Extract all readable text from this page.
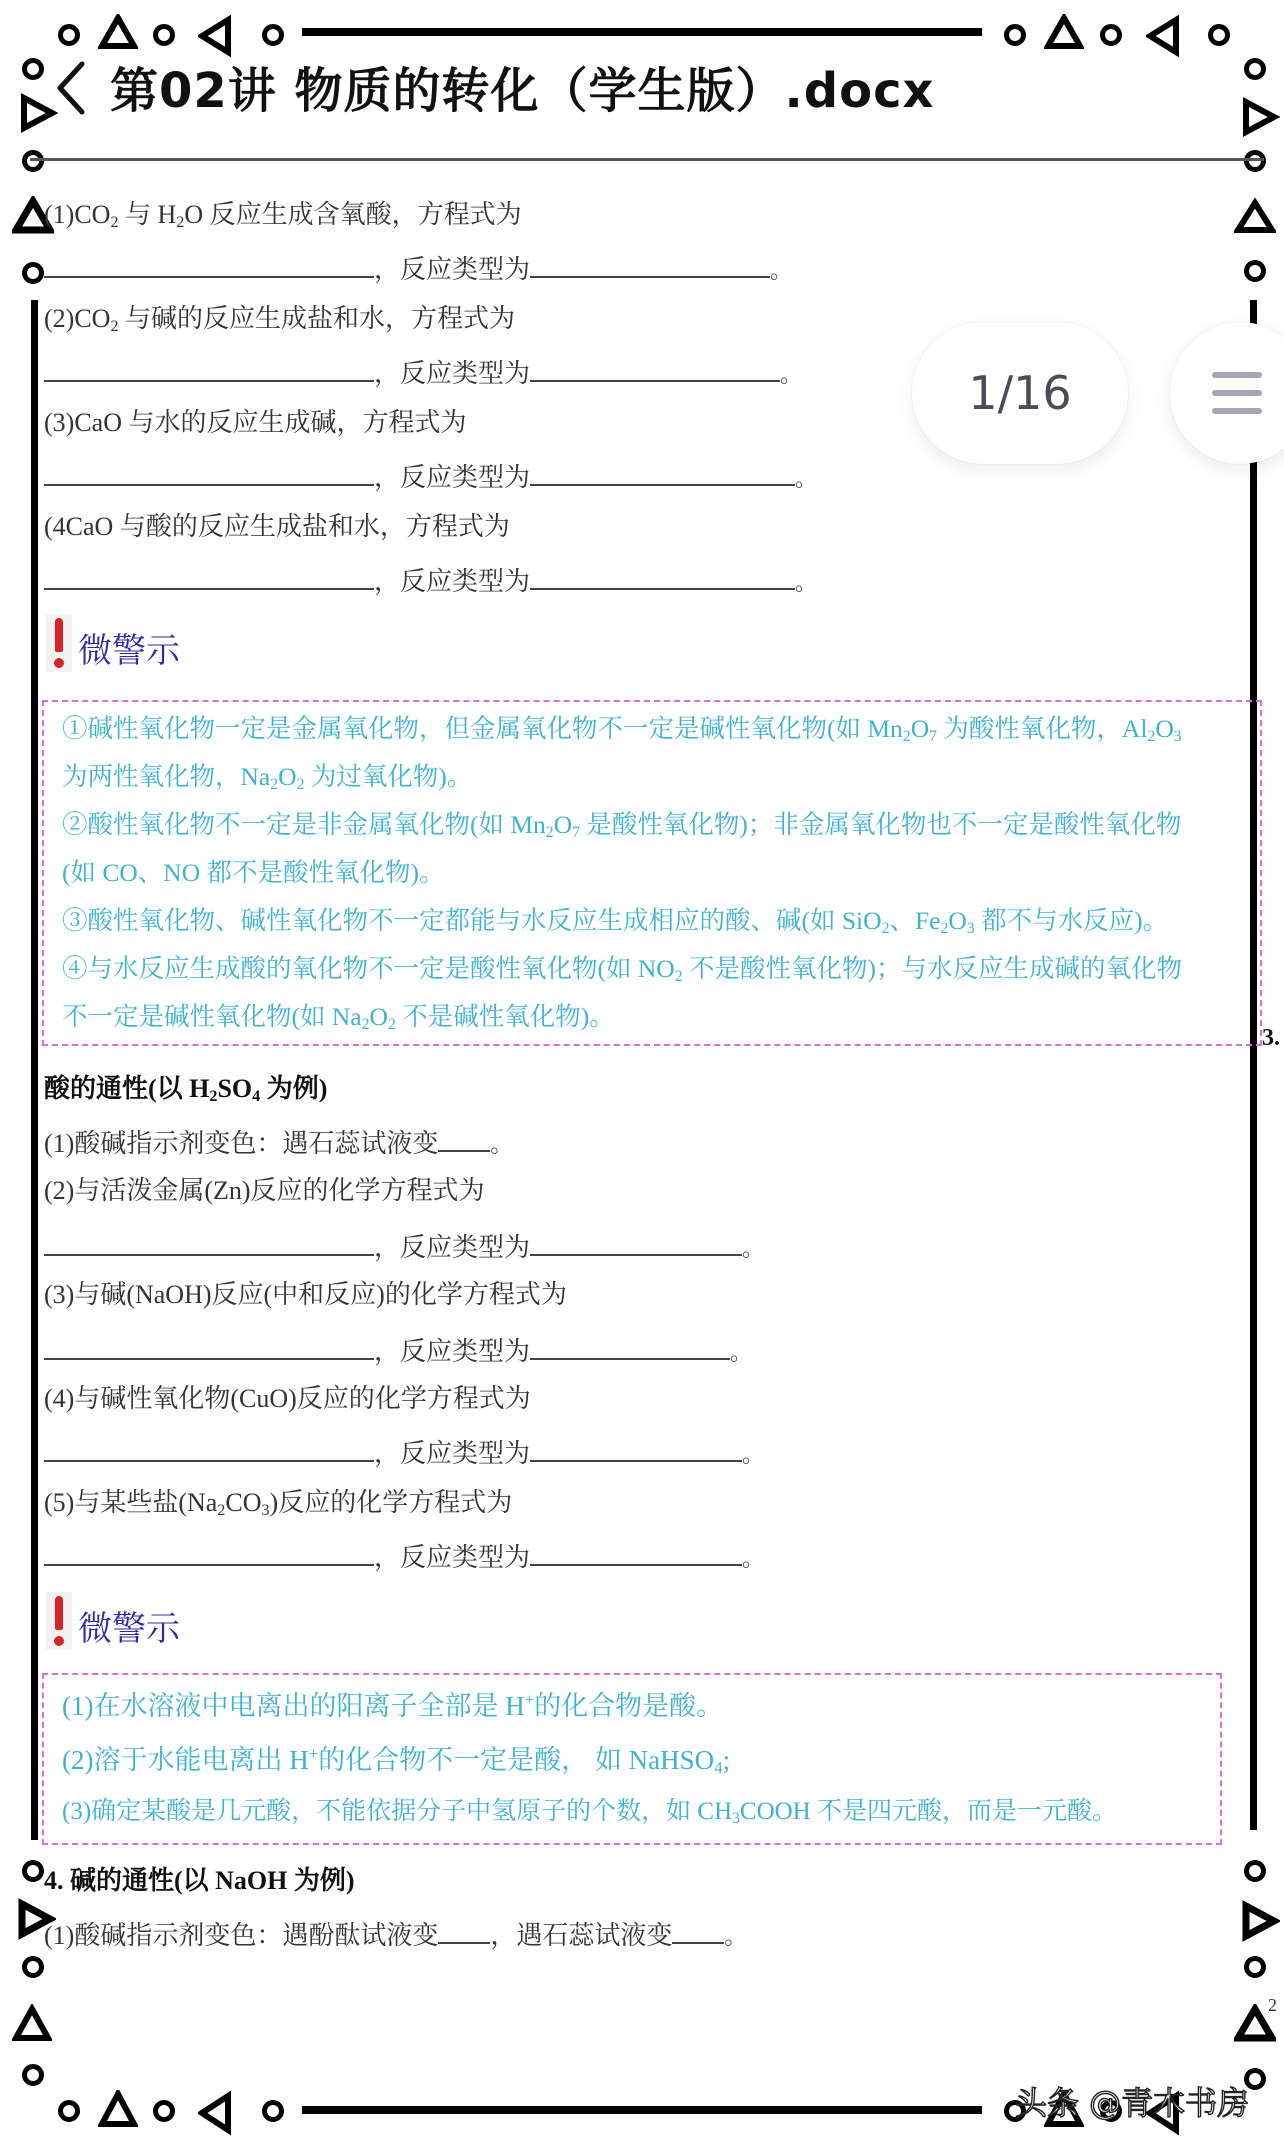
第02讲 物质的转化（学生版）.docx
1/16
$(1)CO_2$ 与 $H_2O$ 反应生成含氧酸，方程式为
，反应类型为	。
$(2)CO_2$ 与碱的反应生成盐和水，方程式为
，反应类型为	。
(3)CaO 与水的反应生成碱，方程式为
，反应类型为	。
(4CaO 与酸的反应生成盐和水，方程式为
，反应类型为	。
微警示
①碱性氧化物一定是金属氧化物，但金属氧化物不一定是碱性氧化物(如 $Mn_2O_7$ 为酸性氧化物，$Al_2O_3$
为两性氧化物，$Na_2O_2$ 为过氧化物)。
②酸性氧化物不一定是非金属氧化物(如 $Mn_2O_7$ 是酸性氧化物)；非金属氧化物也不一定是酸性氧化物
(如 CO、NO 都不是酸性氧化物)。
③酸性氧化物、碱性氧化物不一定都能与水反应生成相应的酸、碱(如 SiO$_2$、$Fe_2O_3$ 都不与水反应)。
④与水反应生成酸的氧化物不一定是酸性氧化物(如 $NO_2$ 不是酸性氧化物)；与水反应生成碱的氧化物
不一定是碱性氧化物(如 $Na_2O_2$ 不是碱性氧化物)。
3.
酸的通性(以 $H_2SO_4$ 为例)
(1)酸碱指示剂变色：遇石蕊试液变 。
(2)与活泼金属(Zn)反应的化学方程式为
，反应类型为	。
(3)与碱(NaOH)反应(中和反应)的化学方程式为
，反应类型为	。
(4)与碱性氧化物(CuO)反应的化学方程式为
，反应类型为	。
(5)与某些盐$(Na_2CO_3)$反应的化学方程式为
，反应类型为	。
微警示
(1)在水溶液中电离出的阳离子全部是 H+的化合物是酸。
(2)溶于水能电离出 H+的化合物不一定是酸， 如 NaHSO$_4$;
(3)确定某酸是几元酸，不能依据分子中氢原子的个数，如 $CH_3COOH$ 不是四元酸，而是一元酸。
4. 碱的通性(以 NaOH 为例)
(1)酸碱指示剂变色：遇酚酞试液变 ，遇石蕊试液变 。
2
头条 @青木书房
